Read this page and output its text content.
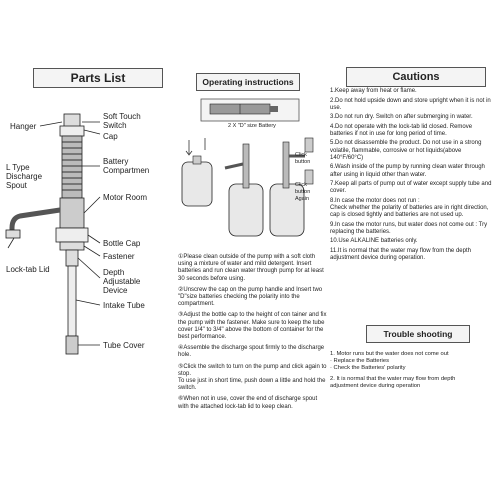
Parts List
Soft Touch
Switch
Cap
Hanger
Battery
Compartmen
L Type
Discharge
Spout
Motor Room
Bottle Cap
Fastener
Lock-tab Lid	Depth
Adjustable
Device
Intake Tube
Tube Cover
Operating instructions
2 X "D" size Battery
Click
button
Click
button
Again
①Please clean outside of the pump with a soft cloth using a mixture of water and mild detergent. Insert batteries and run clean water through pump for at least 30 seconds before using.
②Unscrew the cap on the pump handle and Insert two "D"size batteries checking the polarity into the compartment.
③Adjust the bottle cap to the height of con tainer and fix the pump with the fastener. Make sure to keep the tube cover 1/4" to 3/4" above the bottom of container for the best performance.
④Assemble the discharge spout firmly to the discharge hole.
⑤Click the switch to turn on the pump and click again to stop.
To use just in short time, push down a little and hold the switch.
⑥When not in use, cover the end of discharge spout with the attached lock-tab lid to keep clean.
Cautions
1.Keep away from heat or flame.
2.Do not hold upside down and store upright when it is not in use.
3.Do not run dry. Switch on after submerging in water.
4.Do not operate with the lock-tab lid closed. Remove batteries if not in use for long period of time.
5.Do not disassemble the product. Do not use in a strong volatile, flammable, corrosive or hot liquids(above 140°F/60°C)
6.Wash inside of the pump by running clean water through after using in liquid other than water.
7.Keep all parts of pump out of water except supply tube and cover.
8.In case the motor does not run :
Check whether the polarity of batteries are in right direction, cap is closed tightly and batteries are not used up.
9.In case the motor runs, but water does not come out : Try replacing the batteries.
10.Use ALKALINE batteries only.
11.It is normal that the water may flow from the depth adjustment device during operation.
Trouble shooting
1. Motor runs but the water does not come out
· Replace the Batteries
· Check the Batteries' polarity
2. It is normal that the water may flow from depth
adjustment device during operation
